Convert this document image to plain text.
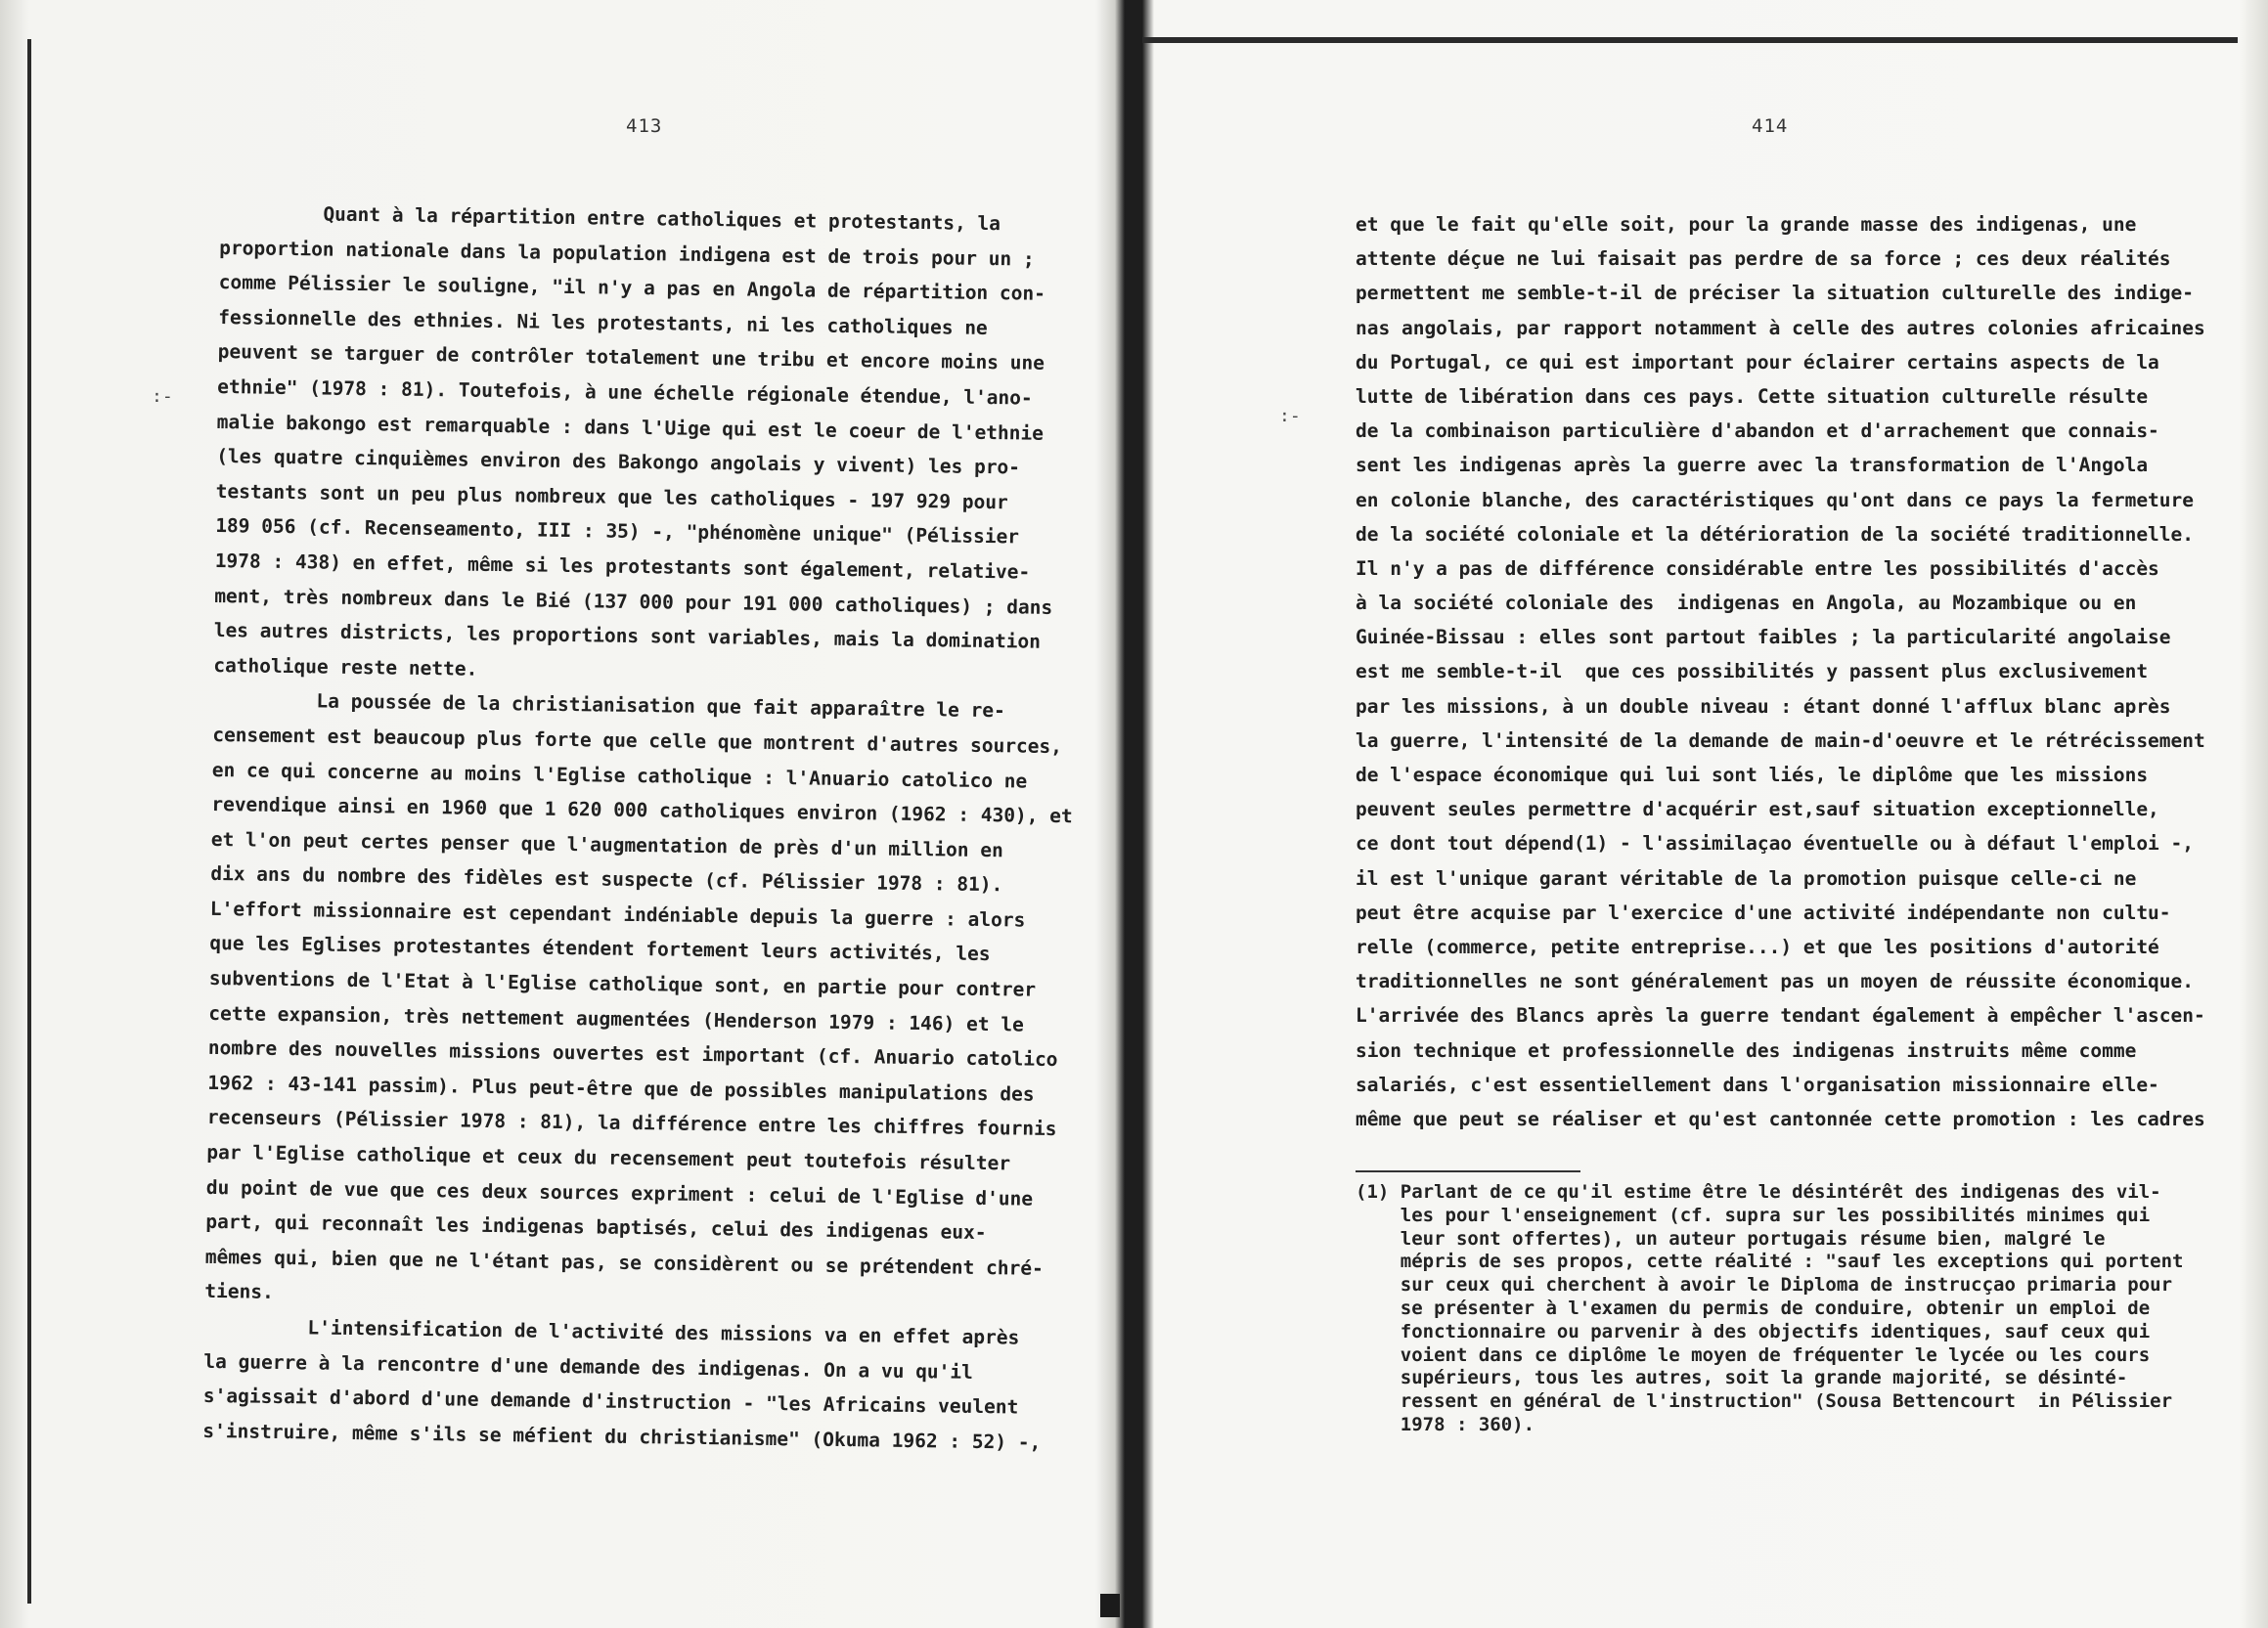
413
:-
Quant à la répartition entre catholiques et protestants, la
proportion nationale dans la population indigena est de trois pour un ;
comme Pélissier le souligne, "il n'y a pas en Angola de répartition con-
fessionnelle des ethnies. Ni les protestants, ni les catholiques ne
peuvent se targuer de contrôler totalement une tribu et encore moins une
ethnie" (1978 : 81). Toutefois, à une échelle régionale étendue, l'ano-
malie bakongo est remarquable : dans l'Uige qui est le coeur de l'ethnie
(les quatre cinquièmes environ des Bakongo angolais y vivent) les pro-
testants sont un peu plus nombreux que les catholiques - 197 929 pour
189 056 (cf. Recenseamento, III : 35) -, "phénomène unique" (Pélissier
1978 : 438) en effet, même si les protestants sont également, relative-
ment, très nombreux dans le Bié (137 000 pour 191 000 catholiques) ; dans
les autres districts, les proportions sont variables, mais la domination
catholique reste nette.
La poussée de la christianisation que fait apparaître le re-
censement est beaucoup plus forte que celle que montrent d'autres sources,
en ce qui concerne au moins l'Eglise catholique : l'Anuario catolico ne
revendique ainsi en 1960 que 1 620 000 catholiques environ (1962 : 430), et
et l'on peut certes penser que l'augmentation de près d'un million en
dix ans du nombre des fidèles est suspecte (cf. Pélissier 1978 : 81).
L'effort missionnaire est cependant indéniable depuis la guerre : alors
que les Eglises protestantes étendent fortement leurs activités, les
subventions de l'Etat à l'Eglise catholique sont, en partie pour contrer
cette expansion, très nettement augmentées (Henderson 1979 : 146) et le
nombre des nouvelles missions ouvertes est important (cf. Anuario catolico
1962 : 43-141 passim). Plus peut-être que de possibles manipulations des
recenseurs (Pélissier 1978 : 81), la différence entre les chiffres fournis
par l'Eglise catholique et ceux du recensement peut toutefois résulter
du point de vue que ces deux sources expriment : celui de l'Eglise d'une
part, qui reconnaît les indigenas baptisés, celui des indigenas eux-
mêmes qui, bien que ne l'étant pas, se considèrent ou se prétendent chré-
tiens.
L'intensification de l'activité des missions va en effet après
la guerre à la rencontre d'une demande des indigenas. On a vu qu'il
s'agissait d'abord d'une demande d'instruction - "les Africains veulent
s'instruire, même s'ils se méfient du christianisme" (Okuma 1962 : 52) -,
414
:-
et que le fait qu'elle soit, pour la grande masse des indigenas, une
attente déçue ne lui faisait pas perdre de sa force ; ces deux réalités
permettent me semble-t-il de préciser la situation culturelle des indige-
nas angolais, par rapport notamment à celle des autres colonies africaines
du Portugal, ce qui est important pour éclairer certains aspects de la
lutte de libération dans ces pays. Cette situation culturelle résulte
de la combinaison particulière d'abandon et d'arrachement que connais-
sent les indigenas après la guerre avec la transformation de l'Angola
en colonie blanche, des caractéristiques qu'ont dans ce pays la fermeture
de la société coloniale et la détérioration de la société traditionnelle.
Il n'y a pas de différence considérable entre les possibilités d'accès
à la société coloniale des  indigenas en Angola, au Mozambique ou en
Guinée-Bissau : elles sont partout faibles ; la particularité angolaise
est me semble-t-il  que ces possibilités y passent plus exclusivement
par les missions, à un double niveau : étant donné l'afflux blanc après
la guerre, l'intensité de la demande de main-d'oeuvre et le rétrécissement
de l'espace économique qui lui sont liés, le diplôme que les missions
peuvent seules permettre d'acquérir est,sauf situation exceptionnelle,
ce dont tout dépend(1) - l'assimilaçao éventuelle ou à défaut l'emploi -,
il est l'unique garant véritable de la promotion puisque celle-ci ne
peut être acquise par l'exercice d'une activité indépendante non cultu-
relle (commerce, petite entreprise...) et que les positions d'autorité
traditionnelles ne sont généralement pas un moyen de réussite économique.
L'arrivée des Blancs après la guerre tendant également à empêcher l'ascen-
sion technique et professionnelle des indigenas instruits même comme
salariés, c'est essentiellement dans l'organisation missionnaire elle-
même que peut se réaliser et qu'est cantonnée cette promotion : les cadres
(1) Parlant de ce qu'il estime être le désintérêt des indigenas des vil-
les pour l'enseignement (cf. supra sur les possibilités minimes qui
leur sont offertes), un auteur portugais résume bien, malgré le
mépris de ses propos, cette réalité : "sauf les exceptions qui portent
sur ceux qui cherchent à avoir le Diploma de instrucçao primaria pour
se présenter à l'examen du permis de conduire, obtenir un emploi de
fonctionnaire ou parvenir à des objectifs identiques, sauf ceux qui
voient dans ce diplôme le moyen de fréquenter le lycée ou les cours
supérieurs, tous les autres, soit la grande majorité, se désinté-
ressent en général de l'instruction" (Sousa Bettencourt  in Pélissier
1978 : 360).
